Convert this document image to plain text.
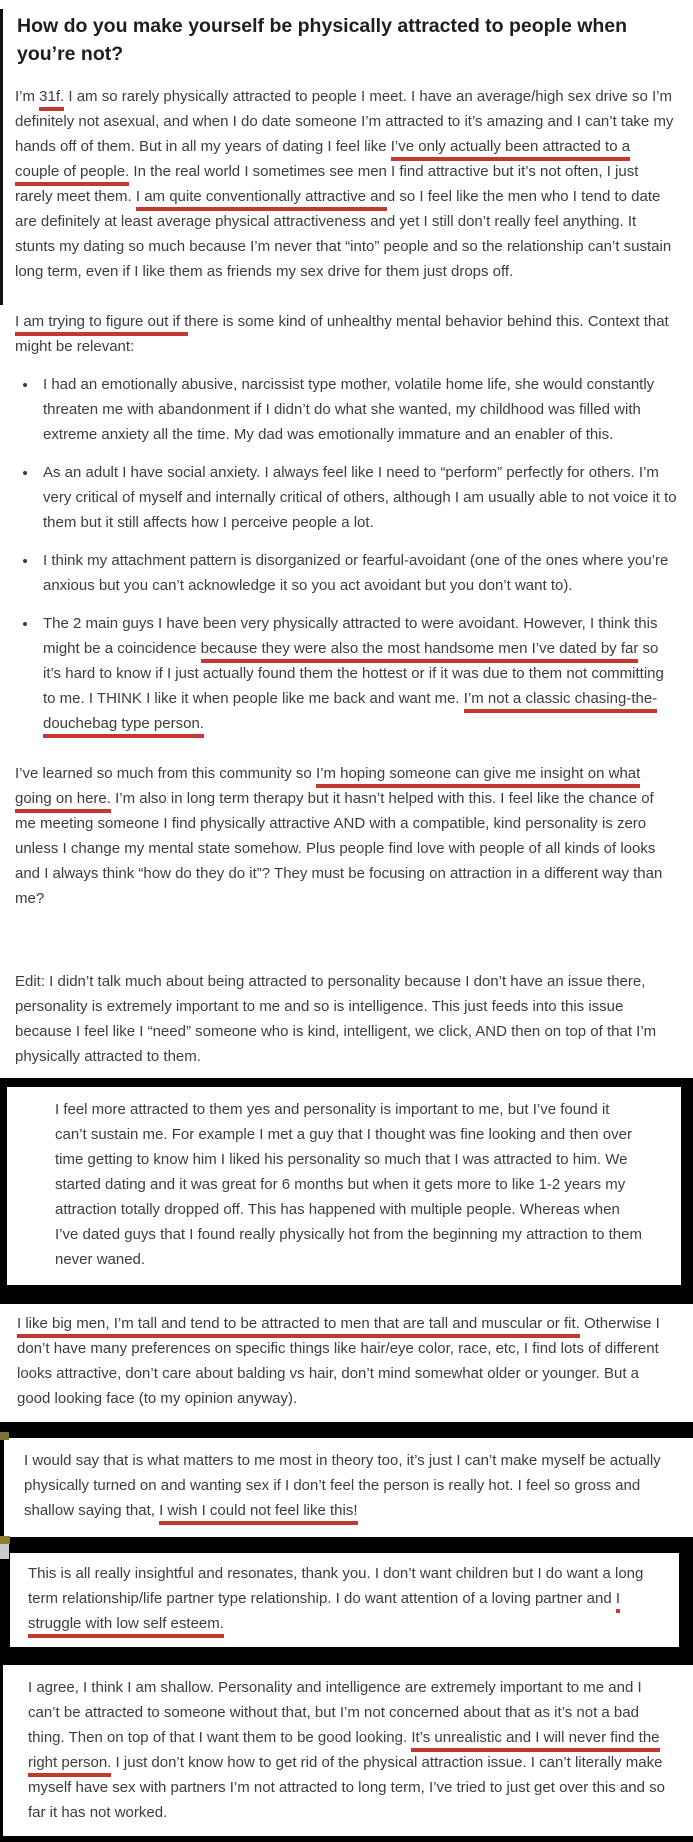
How do you make yourself be physically attracted to people when you’re not?

I’m 31f. I am so rarely physically attracted to people I meet. I have an average/high sex drive so I’m definitely not asexual, and when I do date someone I’m attracted to it’s amazing and I can’t take my hands off of them. But in all my years of dating I feel like I’ve only actually been attracted to a couple of people. In the real world I sometimes see men I find attractive but it’s not often, I just rarely meet them. I am quite conventionally attractive and so I feel like the men who I tend to date are definitely at least average physical attractiveness and yet I still don’t really feel anything. It stunts my dating so much because I’m never that “into” people and so the relationship can’t sustain long term, even if I like them as friends my sex drive for them just drops off.

I am trying to figure out if there is some kind of unhealthy mental behavior behind this. Context that might be relevant:

• I had an emotionally abusive, narcissist type mother, volatile home life, she would constantly threaten me with abandonment if I didn’t do what she wanted, my childhood was filled with extreme anxiety all the time. My dad was emotionally immature and an enabler of this.
• As an adult I have social anxiety. I always feel like I need to “perform” perfectly for others. I’m very critical of myself and internally critical of others, although I am usually able to not voice it to them but it still affects how I perceive people a lot.
• I think my attachment pattern is disorganized or fearful-avoidant (one of the ones where you’re anxious but you can’t acknowledge it so you act avoidant but you don’t want to).
• The 2 main guys I have been very physically attracted to were avoidant. However, I think this might be a coincidence because they were also the most handsome men I’ve dated by far so it’s hard to know if I just actually found them the hottest or if it was due to them not committing to me. I THINK I like it when people like me back and want me. I’m not a classic chasing-the-douchebag type person.

I’ve learned so much from this community so I’m hoping someone can give me insight on what going on here. I’m also in long term therapy but it hasn’t helped with this. I feel like the chance of me meeting someone I find physically attractive AND with a compatible, kind personality is zero unless I change my mental state somehow. Plus people find love with people of all kinds of looks and I always think “how do they do it”? They must be focusing on attraction in a different way than me?

Edit: I didn’t talk much about being attracted to personality because I don’t have an issue there, personality is extremely important to me and so is intelligence. This just feeds into this issue because I feel like I “need” someone who is kind, intelligent, we click, AND then on top of that I’m physically attracted to them.

I feel more attracted to them yes and personality is important to me, but I’ve found it can’t sustain me. For example I met a guy that I thought was fine looking and then over time getting to know him I liked his personality so much that I was attracted to him. We started dating and it was great for 6 months but when it gets more to like 1-2 years my attraction totally dropped off. This has happened with multiple people. Whereas when I’ve dated guys that I found really physically hot from the beginning my attraction to them never waned.
I like big men, I’m tall and tend to be attracted to men that are tall and muscular or fit. Otherwise I don’t have many preferences on specific things like hair/eye color, race, etc, I find lots of different looks attractive, don’t care about balding vs hair, don’t mind somewhat older or younger. But a good looking face (to my opinion anyway).
I would say that is what matters to me most in theory too, it’s just I can’t make myself be actually physically turned on and wanting sex if I don’t feel the person is really hot. I feel so gross and shallow saying that, I wish I could not feel like this!
This is all really insightful and resonates, thank you. I don’t want children but I do want a long term relationship/life partner type relationship. I do want attention of a loving partner and I struggle with low self esteem.
I agree, I think I am shallow. Personality and intelligence are extremely important to me and I can’t be attracted to someone without that, but I’m not concerned about that as it’s not a bad thing. Then on top of that I want them to be good looking. It’s unrealistic and I will never find the right person. I just don’t know how to get rid of the physical attraction issue. I can’t literally make myself have sex with partners I’m not attracted to long term, I’ve tried to just get over this and so far it has not worked.
